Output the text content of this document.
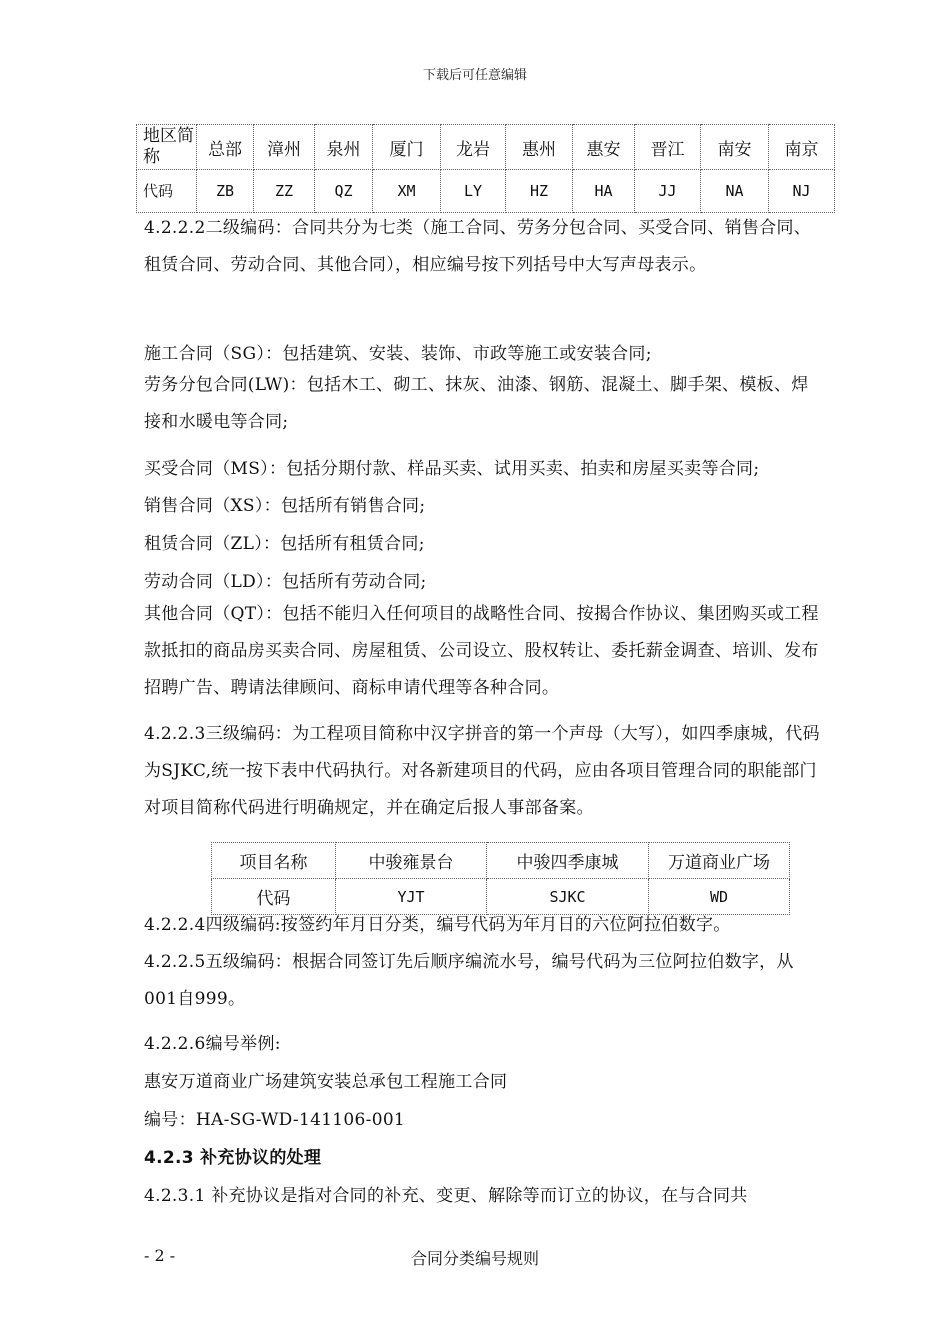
下载后可任意编辑
地区简称	总部	漳州	泉州	厦门	龙岩	惠州	惠安	晋江	南安	南京
代码	ZB	ZZ	QZ	XM	LY	HZ	HA	JJ	NA	NJ

4.2.2.2二级编码：合同共分为七类（施工合同、劳务分包合同、买受合同、销售合同、租赁合同、劳动合同、其他合同），相应编号按下列括号中大写声母表示。

施工合同（SG）：包括建筑、安装、装饰、市政等施工或安装合同;

劳务分包合同(LW)：包括木工、砌工、抹灰、油漆、钢筋、混凝土、脚手架、模板、焊接和水暖电等合同;

买受合同（MS）：包括分期付款、样品买卖、试用买卖、拍卖和房屋买卖等合同;

销售合同（XS）：包括所有销售合同;

租赁合同（ZL）：包括所有租赁合同;

劳动合同（LD）：包括所有劳动合同;

其他合同（QT）：包括不能归入任何项目的战略性合同、按揭合作协议、集团购买或工程款抵扣的商品房买卖合同、房屋租赁、公司设立、股权转让、委托薪金调查、培训、发布招聘广告、聘请法律顾问、商标申请代理等各种合同。

4.2.2.3三级编码：为工程项目简称中汉字拼音的第一个声母（大写），如四季康城，代码为SJKC,统一按下表中代码执行。对各新建项目的代码，应由各项目管理合同的职能部门对项目简称代码进行明确规定，并在确定后报人事部备案。

项目名称	中骏雍景台	中骏四季康城	万道商业广场
代码	YJT	SJKC	WD

4.2.2.4四级编码:按签约年月日分类，编号代码为年月日的六位阿拉伯数字。

4.2.2.5五级编码：根据合同签订先后顺序编流水号，编号代码为三位阿拉伯数字，从001自999。

4.2.2.6编号举例:

惠安万道商业广场建筑安装总承包工程施工合同

编号：HA-SG-WD-141106-001

4.2.3 补充协议的处理

4.2.3.1 补充协议是指对合同的补充、变更、解除等而订立的协议，在与合同共

- 2 -	合同分类编号规则
